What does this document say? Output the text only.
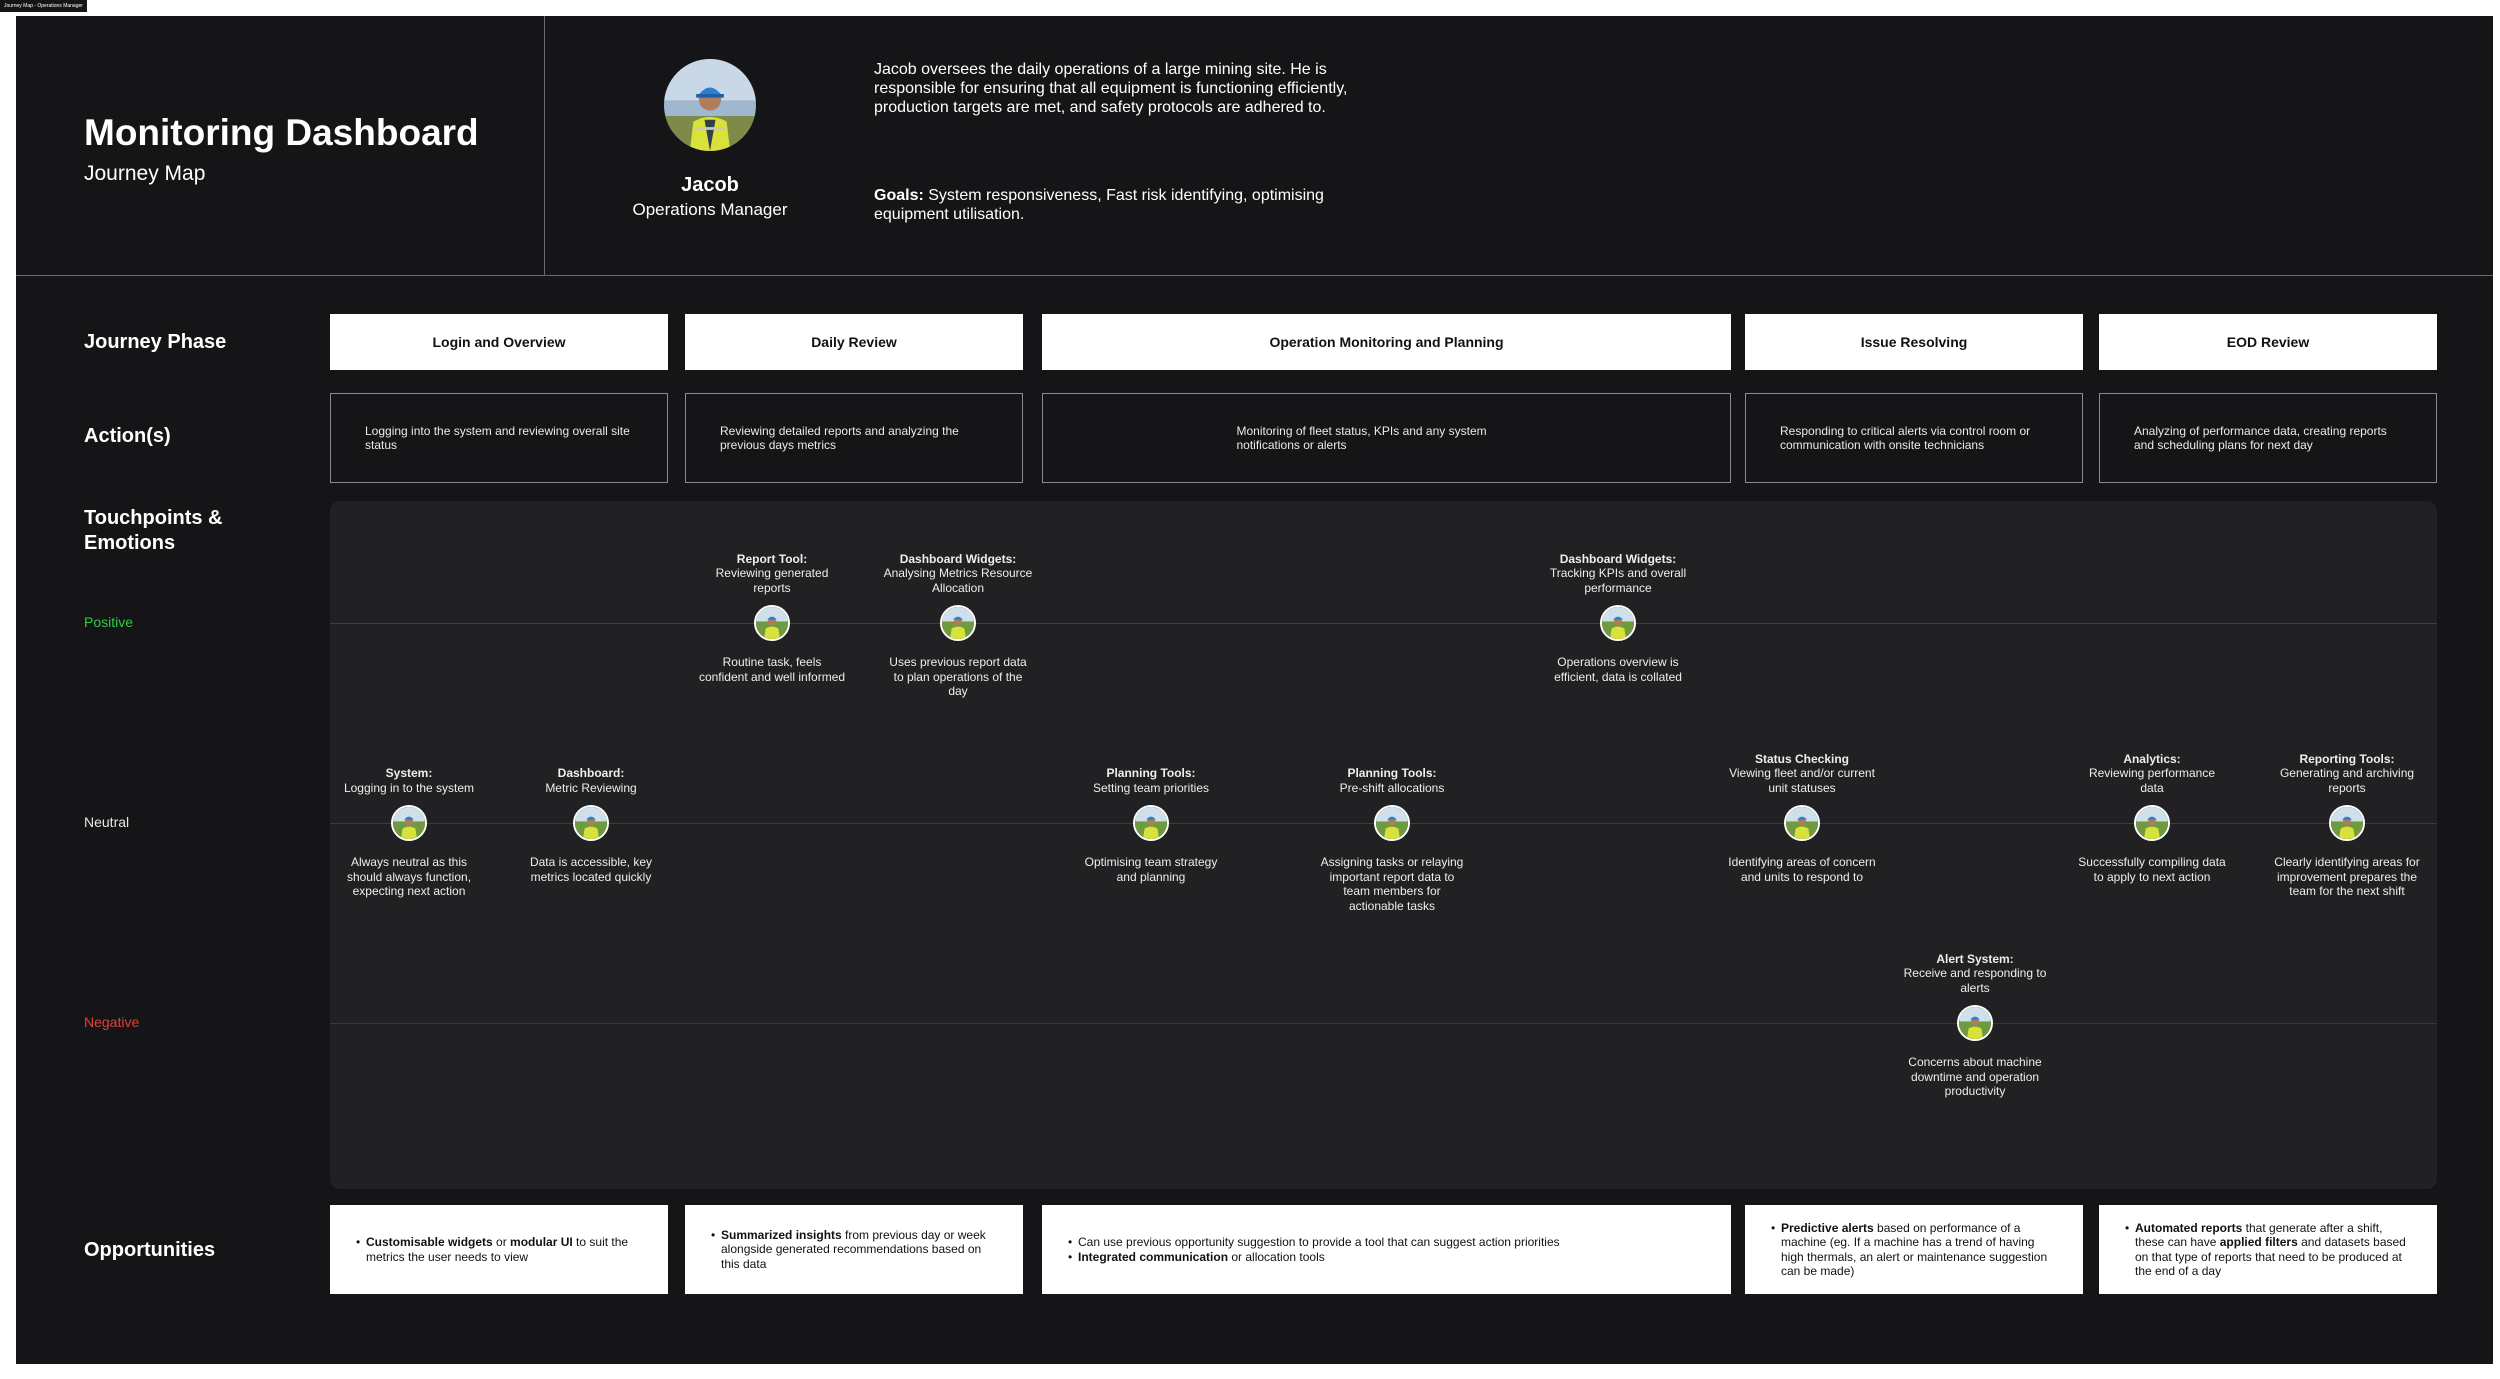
Journey Map - Operations Manager
Monitoring Dashboard
Journey Map	Jacob
Operations Manager
Jacob oversees the daily operations of a large mining site. He is responsible for ensuring that all equipment is functioning efficiently, production targets are met, and safety protocols are adhered to.
Goals: System responsiveness, Fast risk identifying, optimising equipment utilisation.
Journey Phase
Action(s)
Touchpoints & Emotions
Opportunities
Positive
Neutral
Negative
Login and Overview	Daily Review	Operation Monitoring and Planning	Issue Resolving	EOD Review
Logging into the system and reviewing overall site status
Reviewing detailed reports and analyzing the previous days metrics
Monitoring of fleet status, KPIs and any system notifications or alerts
Responding to critical alerts via control room or communication with onsite technicians
Analyzing of performance data, creating reports and scheduling plans for next day
System:
Logging in to the system
Always neutral as this should always function, expecting next action
Dashboard:
Metric Reviewing
Data is accessible, key metrics located quickly
Report Tool:
Reviewing generated reports
Routine task, feels confident and well informed
Dashboard Widgets:
Analysing Metrics Resource Allocation
Uses previous report data to plan operations of the day
Planning Tools:
Setting team priorities
Optimising team strategy and planning
Planning Tools:
Pre-shift allocations
Assigning tasks or relaying important report data to team members for actionable tasks
Dashboard Widgets:
Tracking KPIs and overall performance
Operations overview is efficient, data is collated
Status Checking
Viewing fleet and/or current unit statuses
Identifying areas of concern and units to respond to
Alert System:
Receive and responding to alerts
Concerns about machine downtime and operation productivity
Analytics:
Reviewing performance data
Successfully compiling data to apply to next action
Reporting Tools:
Generating and archiving reports
Clearly identifying areas for improvement prepares the team for the next shift
• Customisable widgets or modular UI to suit the metrics the user needs to view
• Summarized insights from previous day or week alongside generated recommendations based on this data
• Can use previous opportunity suggestion to provide a tool that can suggest action priorities
• Integrated communication or allocation tools
• Predictive alerts based on performance of a machine (eg. If a machine has a trend of having high thermals, an alert or maintenance suggestion can be made)
• Automated reports that generate after a shift, these can have applied filters and datasets based on that type of reports that need to be produced at the end of a day
